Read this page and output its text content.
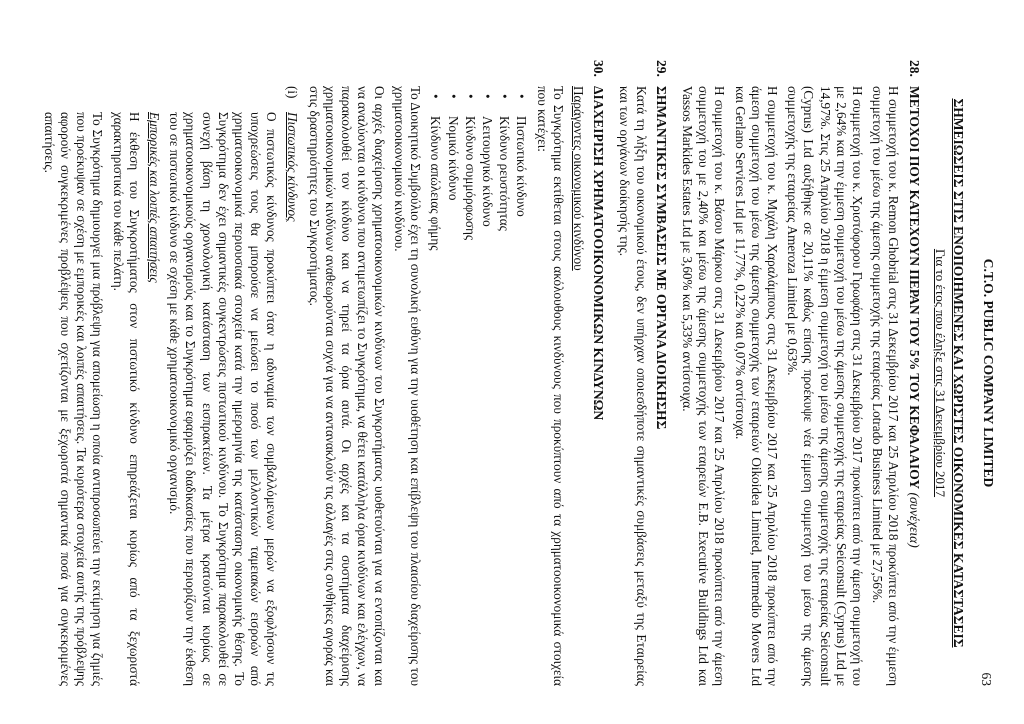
C.T.O. PUBLIC COMPANY LIMITED
63
ΣΗΜΕΙΩΣΕΙΣ ΣΤΙΣ ΕΝΟΠΟΙΗΜΕΝΕΣ ΚΑΙ ΧΩΡΙΣΤΕΣ ΟΙΚΟΝΟΜΙΚΕΣ ΚΑΤΑΣΤΑΣΕΙΣ
Για το έτος που έληξε στις 31 Δεκεμβρίου 2017
28.
ΜΕΤΟΧΟΙ ΠΟΥ ΚΑΤΕΧΟΥΝ ΠΕΡΑΝ ΤΟΥ 5% ΤΟΥ ΚΕΦΑΛΑΙΟΥ (συνέχεια)

Η συμμετοχή του κ. Remon Ghobrial στις 31 Δεκεμβρίου 2017 και 25 Απριλίου 2018 προκύπτει από την έμμεση συμμετοχή του μέσω της άμεσης συμμετοχής της εταιρείας Lotrado Business Limited με 27,56%.

Η συμμετοχή του κ. Χριστόφορου Γιρωφάρη στις 31 Δεκεμβρίου 2017 προκύπτει από την άμεση συμμετοχή του με 2,64% και την έμμεση συμμετοχή του μέσω της άμεσης συμμετοχής της εταιρείας Seiconsult (Cyprus) Ltd με 14,97%. Στις 25 Απριλίου 2018 η έμμεση συμμετοχή του μέσω της άμεσης συμμετοχής της εταιρείας Seiconsult (Cyprus) Ltd αυξήθηκε σε 20,11% καθώς επίσης προέκυψε νέα έμμεση συμμετοχή του μέσω της άμεσης συμμετοχής της εταιρείας Ameroza Limited με 0,63%.

Η συμμετοχή του κ. Μιχάλη Χαραλάμπους στις 31 Δεκεμβρίου 2017 και 25 Απριλίου 2018 προκύπτει από την άμεση συμμετοχή του μέσω της άμεσης συμμετοχής των εταιρειών Oikoidea Limited, Intermedio Movers Ltd και Gerlano Services Ltd με 11,77%, 0,22% και 0,07% αντίστοιχα.

Η συμμετοχή του κ. Βάσου Μάρκου στις 31 Δεκεμβρίου 2017 και 25 Απριλίου 2018 προκύπτει από την άμεση συμμετοχή του με 2,40% και μέσω της άμεσης συμμετοχής των εταιρειών E.B. Executive Buildings Ltd και Vassos Markides Estates Ltd με 3,60% και 5,33% αντίστοιχα.

29.
ΣΗΜΑΝΤΙΚΕΣ ΣΥΜΒΑΣΕΙΣ ΜΕ ΟΡΓΑΝΑ ΔΙΟΙΚΗΣΗΣ

Κατά τη λήξη του οικονομικού έτους, δεν υπήρχαν οποιεσδήποτε σημαντικές συμβάσεις μεταξύ της Εταιρείας και των οργάνων διοίκησής της.

30.
ΔΙΑΧΕΙΡΙΣΗ ΧΡΗΜΑΤΟΟΙΚΟΝΟΜΙΚΩΝ ΚΙΝΔΥΝΩΝ

Παράγοντες οικονομικού κινδύνου

Το Συγκρότημα εκτίθεται στους ακόλουθους κινδύνους που προκύπτουν από τα χρηματοοικονομικά στοιχεία που κατέχει:

• Πιστωτικό κίνδυνο
• Κίνδυνο ρευστότητας
• Λειτουργικό κίνδυνο
• Κίνδυνο συμμόρφωσης
• Νομικό κίνδυνο
• Κίνδυνο απώλειας φήμης

Το Διοικητικό Συμβούλιο έχει τη συνολική ευθύνη για την υιοθέτηση και επίβλεψη του πλαισίου διαχείρισης του χρηματοοικονομικού κινδύνου.

Οι αρχές διαχείρισης χρηματοοικονομικών κινδύνων του Συγκροτήματος υιοθετούνται για να εντοπίζονται και να αναλύονται οι κίνδυνοι που αντιμετωπίζει το Συγκρότημα, να θέτει κατάλληλα όρια κινδύνων και ελέγχων, να παρακολουθεί τον κίνδυνο και να τηρεί τα όρια αυτά. Οι αρχές και τα συστήματα διαχείρισης χρηματοοικονομικών κινδύνων αναθεωρούνται συχνά για να αντανακλούν τις αλλαγές στις συνθήκες αγοράς και στις δραστηριότητες του Συγκροτήματος.

(i)
Πιστωτικός κίνδυνος

Ο πιστωτικός κίνδυνος προκύπτει όταν η αδυναμία των συμβαλλόμενων μερών να εξοφλήσουν τις υποχρεώσεις τους θα μπορούσε να μειώσει το ποσό των μελλοντικών ταμειακών εισροών από χρηματοοικονομικά περιουσιακά στοιχεία κατά την ημερομηνία της κατάστασης οικονομικής θέσης. Το Συγκρότημα δεν έχει σημαντικές συγκεντρώσεις πιστωτικού κινδύνου. Το Συγκρότημα παρακολουθεί σε συνεχή βάση τη χρονολογική κατάσταση των εισπρακτέων. Τα μέτρα κρατούνται κυρίως σε χρηματοοικονομικούς οργανισμούς και το Συγκρότημα εφαρμόζει διαδικασίες που περιορίζουν την έκθεση του σε πιστωτικό κίνδυνο σε σχέση με κάθε χρηματοοικονομικό οργανισμό.

Εμπορικές και λοιπές απαιτήσεις

Η έκθεση του Συγκροτήματος στον πιστωτικό κίνδυνο επηρεάζεται κυρίως από τα ξεχωριστά χαρακτηριστικά του κάθε πελάτη.

Το Συγκρότημα δημιουργεί μια πρόβλεψη για απομείωση η οποία αντιπροσωπεύει την εκτίμηση για ζημιές που προέκυψαν σε σχέση με εμπορικές και λοιπές απαιτήσεις. Τα κυριότερα στοιχεία αυτής της πρόβλεψης αφορούν συγκεκριμένες προβλέψεις που σχετίζονται με ξεχωριστά σημαντικά ποσά για συγκεκριμένες απαιτήσεις.
